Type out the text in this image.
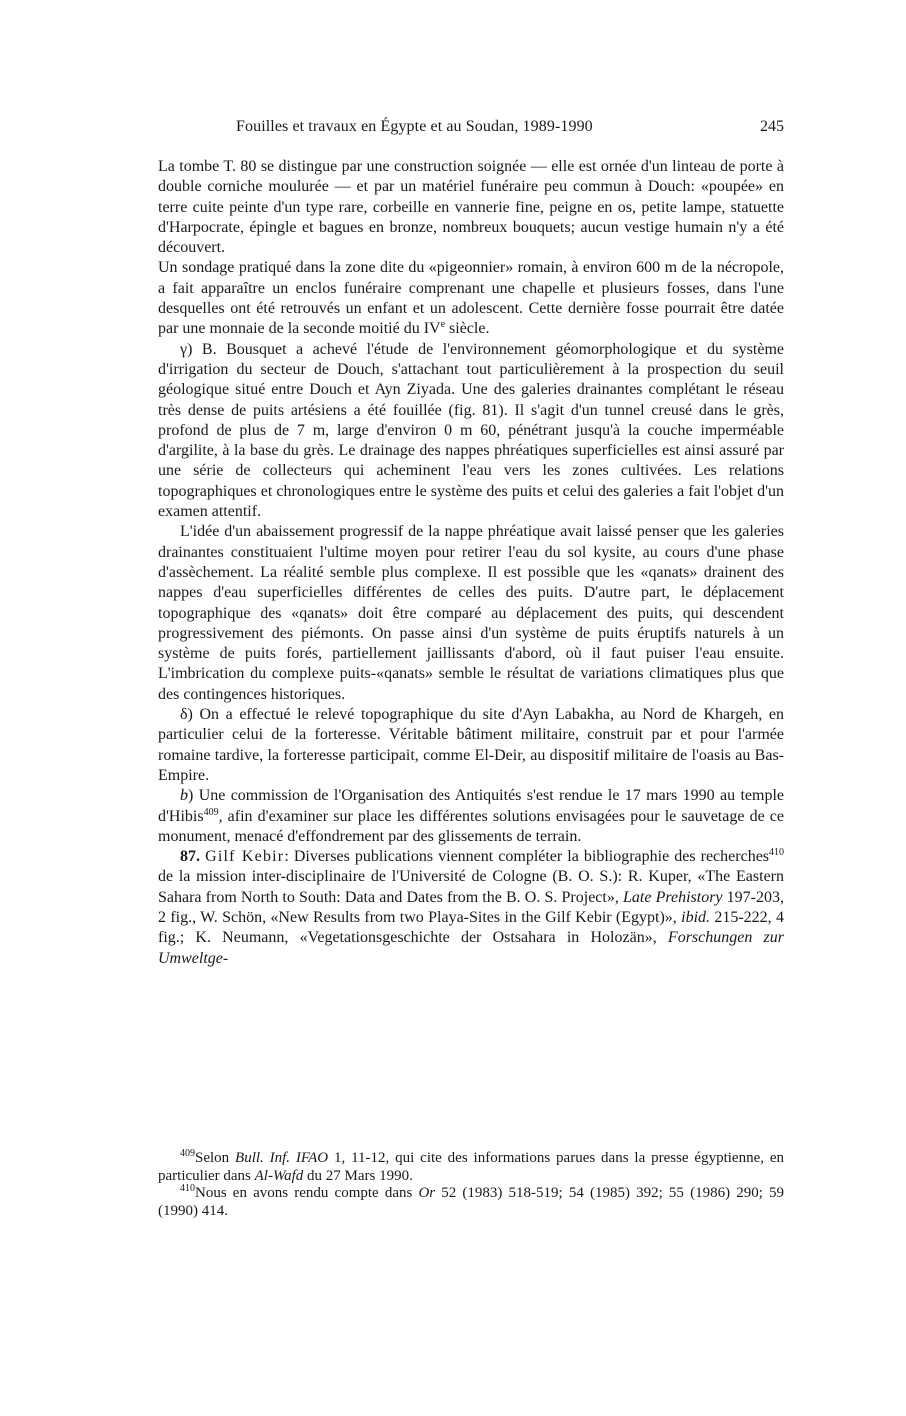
Fouilles et travaux en Égypte et au Soudan, 1989-1990	245

La tombe T. 80 se distingue par une construction soignée — elle est ornée d'un linteau de porte à double corniche moulurée — et par un matériel funéraire peu commun à Douch: «poupée» en terre cuite peinte d'un type rare, corbeille en vannerie fine, peigne en os, petite lampe, statuette d'Harpocrate, épingle et bagues en bronze, nombreux bouquets; aucun vestige humain n'y a été découvert.

Un sondage pratiqué dans la zone dite du «pigeonnier» romain, à environ 600 m de la nécropole, a fait apparaître un enclos funéraire comprenant une chapelle et plusieurs fosses, dans l'une desquelles ont été retrouvés un enfant et un adolescent. Cette dernière fosse pourrait être datée par une monnaie de la seconde moitié du IVe siècle.

γ) B. Bousquet a achevé l'étude de l'environnement géomorphologique et du système d'irrigation du secteur de Douch, s'attachant tout particulièrement à la prospection du seuil géologique situé entre Douch et Ayn Ziyada. Une des galeries drainantes complétant le réseau très dense de puits artésiens a été fouillée (fig. 81). Il s'agit d'un tunnel creusé dans le grès, profond de plus de 7 m, large d'environ 0 m 60, pénétrant jusqu'à la couche imperméable d'argilite, à la base du grès. Le drainage des nappes phréatiques superficielles est ainsi assuré par une série de collecteurs qui acheminent l'eau vers les zones cultivées. Les relations topographiques et chronologiques entre le système des puits et celui des galeries a fait l'objet d'un examen attentif.

L'idée d'un abaissement progressif de la nappe phréatique avait laissé penser que les galeries drainantes constituaient l'ultime moyen pour retirer l'eau du sol kysite, au cours d'une phase d'assèchement. La réalité semble plus complexe. Il est possible que les «qanats» drainent des nappes d'eau superficielles différentes de celles des puits. D'autre part, le déplacement topographique des «qanats» doit être comparé au déplacement des puits, qui descendent progressivement des piémonts. On passe ainsi d'un système de puits éruptifs naturels à un système de puits forés, partiellement jaillissants d'abord, où il faut puiser l'eau ensuite. L'imbrication du complexe puits-«qanats» semble le résultat de variations climatiques plus que des contingences historiques.

δ) On a effectué le relevé topographique du site d'Ayn Labakha, au Nord de Khargeh, en particulier celui de la forteresse. Véritable bâtiment militaire, construit par et pour l'armée romaine tardive, la forteresse participait, comme El-Deir, au dispositif militaire de l'oasis au Bas-Empire.

b) Une commission de l'Organisation des Antiquités s'est rendue le 17 mars 1990 au temple d'Hibis$^{409}$, afin d'examiner sur place les différentes solutions envisagées pour le sauvetage de ce monument, menacé d'effondrement par des glissements de terrain.

87. Gilf Kebir: Diverses publications viennent compléter la bibliographie des recherches$^{410}$ de la mission inter-disciplinaire de l'Université de Cologne (B. O. S.): R. Kuper, «The Eastern Sahara from North to South: Data and Dates from the B. O. S. Project», Late Prehistory 197-203, 2 fig., W. Schön, «New Results from two Playa-Sites in the Gilf Kebir (Egypt)», ibid. 215-222, 4 fig.; K. Neumann, «Vegetationsgeschichte der Ostsahara in Holozän», Forschungen zur Umweltge-

$^{409}$Selon Bull. Inf. IFAO 1, 11-12, qui cite des informations parues dans la presse égyptienne, en particulier dans Al-Wafd du 27 Mars 1990.

$^{410}$Nous en avons rendu compte dans Or 52 (1983) 518-519; 54 (1985) 392; 55 (1986) 290; 59 (1990) 414.
